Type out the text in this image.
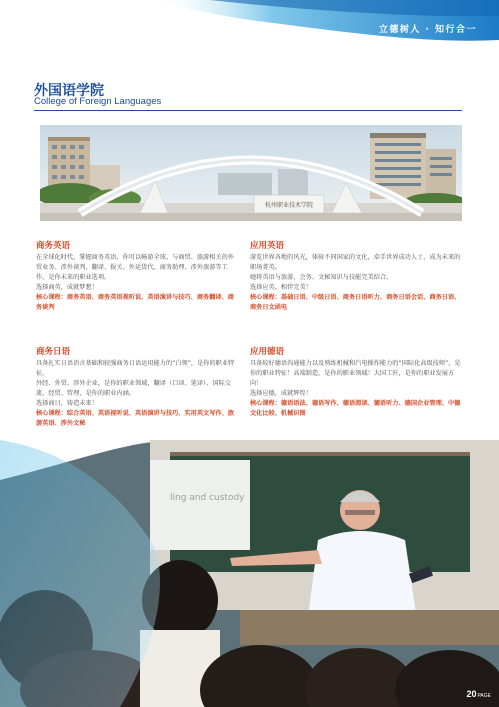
立德树人 · 知行合一
外国语学院
College of Foreign Languages
杭州职业技术学院
商务英语
在全球化时代，掌握商务英语，你可以畅游全球。与商贸、旅游相关的外贸业务、涉外谈判、翻译、报关、外运货代、商务助理、涉外旅游等工作，是你未来的职业选项。
选择商英，成就梦想！
核心课程：商务英语、商务英语视听说、英语演讲与技巧、商务翻译、商务谈判
应用英语
游览世界各地的风光，体验不同国家的文化，牵手世界成功人士，成为未来的职场菁英。
她将英语与旅游、会务、文秘知识与技能完美结合。
选择应英，相伴完美！
核心课程：基础日语、中级日语、商务日语听力、商务日语会话、商务日语、商务日文函电
商务日语
具备扎实日语语言基础和较强商务日语运用能力的“白领”，是你的职业特征。
外经、外贸、涉外企业，是你的职业领域，翻译（口译、笔译）、国际交流、经贸、管理，是你的职业内涵。
选择商日，铸造未来！
核心课程：综合英语、英语视听说、英语演讲与技巧、实用英文写作、旅游英语、涉外文秘
应用德语
具备较好德语沟通能力以及熟练机械和汽电操作能力的“国际化高级技师”，是你的职业特征！高端制造，是你的职业领域！大国工匠，是你的职业发展方向！
选择应德，成就辉煌！
核心课程：德语语法、德语写作、德语阅读、德语听力、德国企业管理、中德文化比较、机械识图
ling and custody
20PAGE
